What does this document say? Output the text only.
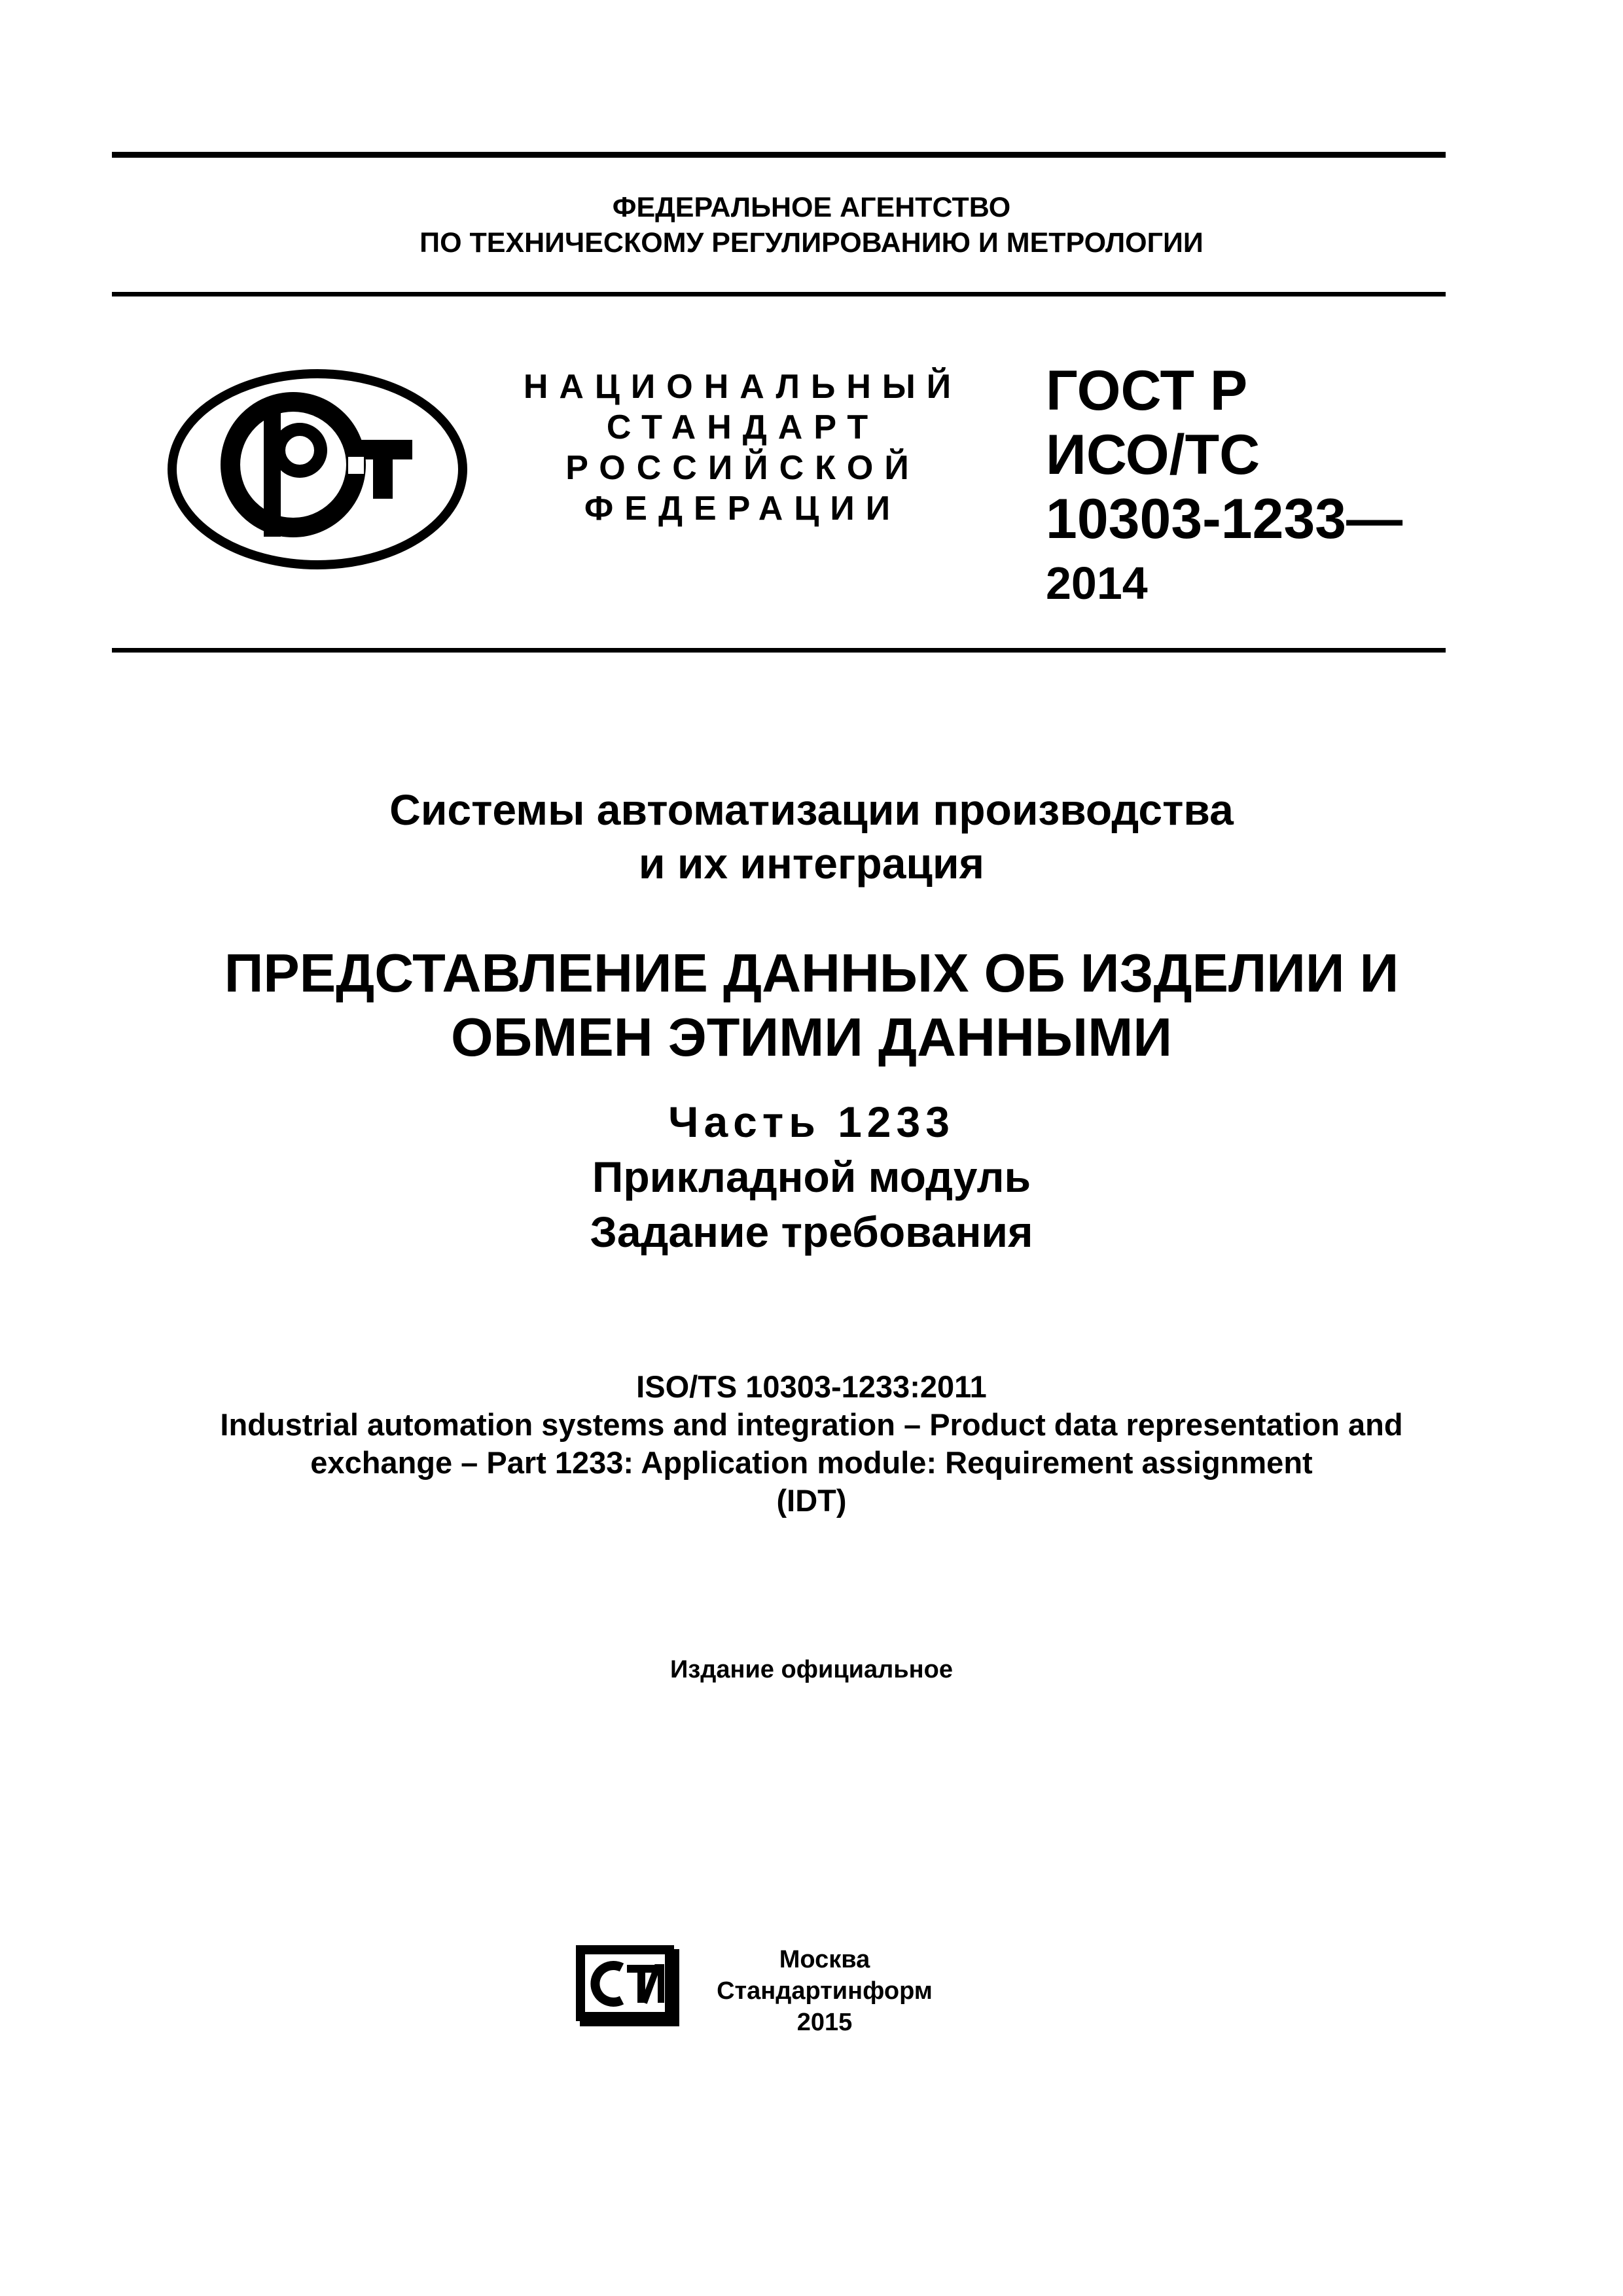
ФЕДЕРАЛЬНОЕ АГЕНТСТВО
ПО ТЕХНИЧЕСКОМУ РЕГУЛИРОВАНИЮ И МЕТРОЛОГИИ
НАЦИОНАЛЬНЫЙ
СТАНДАРТ
РОССИЙСКОЙ
ФЕДЕРАЦИИ
ГОСТ Р
ИСО/ТС
10303-1233—
2014
Системы автоматизации производства
и их интеграция
ПРЕДСТАВЛЕНИЕ ДАННЫХ ОБ ИЗДЕЛИИ И
ОБМЕН ЭТИМИ ДАННЫМИ
Часть 1233
Прикладной модуль
Задание требования
ISO/TS 10303-1233:2011
Industrial automation systems and integration – Product data representation and
exchange – Part 1233: Application module: Requirement assignment
(IDT)
Издание официальное
Москва
Стандартинформ
2015
